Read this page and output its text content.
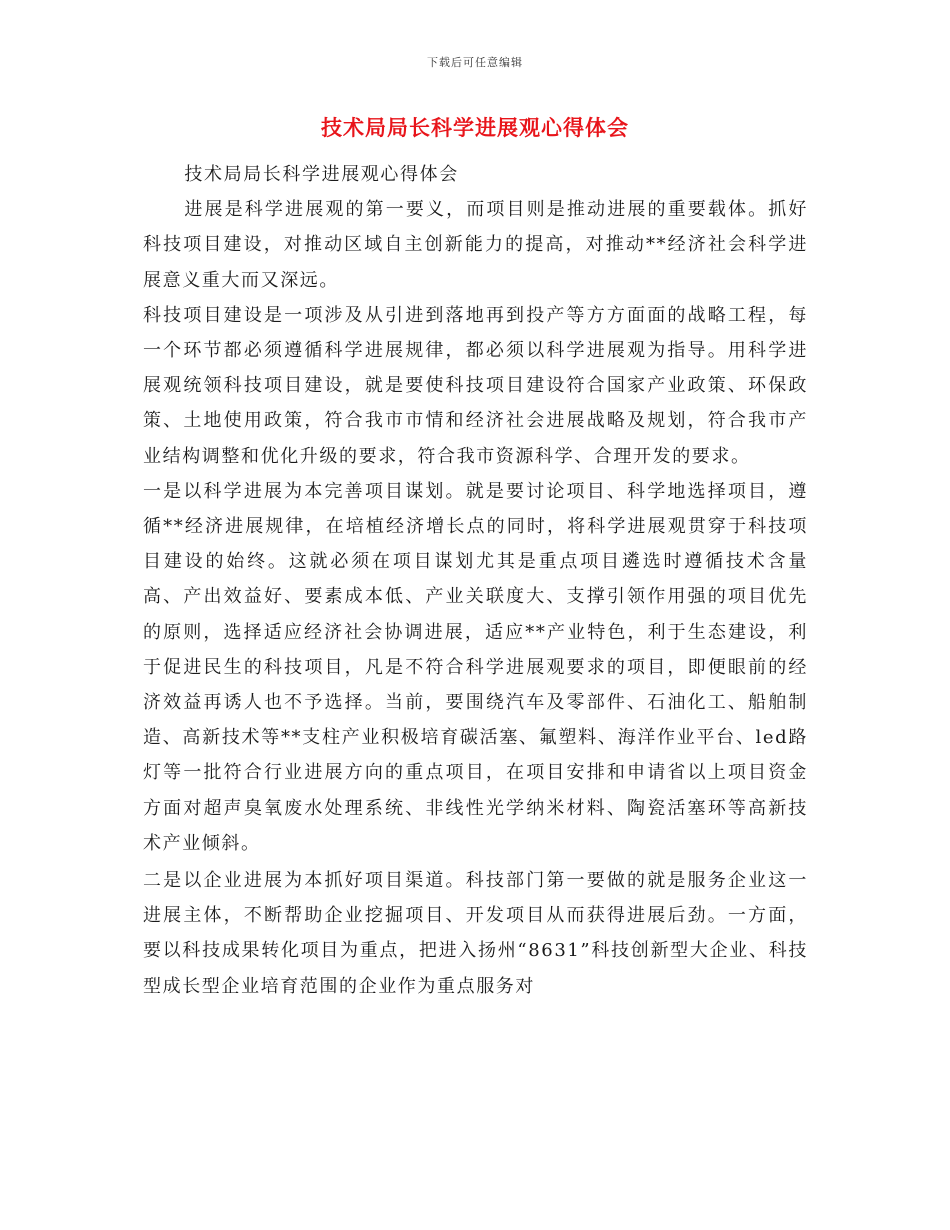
下载后可任意编辑
技术局局长科学进展观心得体会

技术局局长科学进展观心得体会

进展是科学进展观的第一要义，而项目则是推动进展的重要载体。抓好科技项目建设，对推动区域自主创新能力的提高，对推动**经济社会科学进展意义重大而又深远。

科技项目建设是一项涉及从引进到落地再到投产等方方面面的战略工程，每一个环节都必须遵循科学进展规律，都必须以科学进展观为指导。用科学进展观统领科技项目建设，就是要使科技项目建设符合国家产业政策、环保政策、土地使用政策，符合我市市情和经济社会进展战略及规划，符合我市产业结构调整和优化升级的要求，符合我市资源科学、合理开发的要求。

一是以科学进展为本完善项目谋划。就是要讨论项目、科学地选择项目，遵循**经济进展规律，在培植经济增长点的同时，将科学进展观贯穿于科技项目建设的始终。这就必须在项目谋划尤其是重点项目遴选时遵循技术含量高、产出效益好、要素成本低、产业关联度大、支撑引领作用强的项目优先的原则，选择适应经济社会协调进展，适应**产业特色，利于生态建设，利于促进民生的科技项目，凡是不符合科学进展观要求的项目，即便眼前的经济效益再诱人也不予选择。当前，要围绕汽车及零部件、石油化工、船舶制造、高新技术等**支柱产业积极培育碳活塞、氟塑料、海洋作业平台、led路灯等一批符合行业进展方向的重点项目，在项目安排和申请省以上项目资金方面对超声臭氧废水处理系统、非线性光学纳米材料、陶瓷活塞环等高新技术产业倾斜。

二是以企业进展为本抓好项目渠道。科技部门第一要做的就是服务企业这一进展主体，不断帮助企业挖掘项目、开发项目从而获得进展后劲。一方面，要以科技成果转化项目为重点，把进入扬州“8631”科技创新型大企业、科技型成长型企业培育范围的企业作为重点服务对
